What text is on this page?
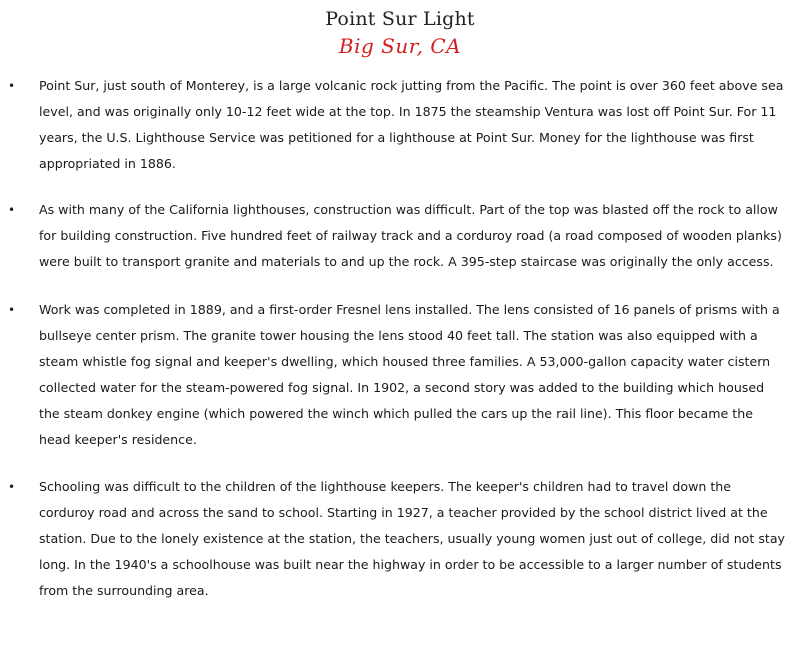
Point Sur Light
Big Sur, CA
• Point Sur, just south of Monterey, is a large volcanic rock jutting from the Pacific. The point is over 360 feet above sea level, and was originally only 10-12 feet wide at the top. In 1875 the steamship Ventura was lost off Point Sur. For 11 years, the U.S. Lighthouse Service was petitioned for a lighthouse at Point Sur. Money for the lighthouse was first appropriated in 1886.
• As with many of the California lighthouses, construction was difficult. Part of the top was blasted off the rock to allow for building construction. Five hundred feet of railway track and a corduroy road (a road composed of wooden planks) were built to transport granite and materials to and up the rock. A 395-step staircase was originally the only access.
• Work was completed in 1889, and a first-order Fresnel lens installed. The lens consisted of 16 panels of prisms with a bullseye center prism. The granite tower housing the lens stood 40 feet tall. The station was also equipped with a steam whistle fog signal and keeper's dwelling, which housed three families. A 53,000-gallon capacity water cistern collected water for the steam-powered fog signal. In 1902, a second story was added to the building which housed the steam donkey engine (which powered the winch which pulled the cars up the rail line). This floor became the head keeper's residence.
• Schooling was difficult to the children of the lighthouse keepers. The keeper's children had to travel down the corduroy road and across the sand to school. Starting in 1927, a teacher provided by the school district lived at the station. Due to the lonely existence at the station, the teachers, usually young women just out of college, did not stay long. In the 1940's a schoolhouse was built near the highway in order to be accessible to a larger number of students from the surrounding area.
